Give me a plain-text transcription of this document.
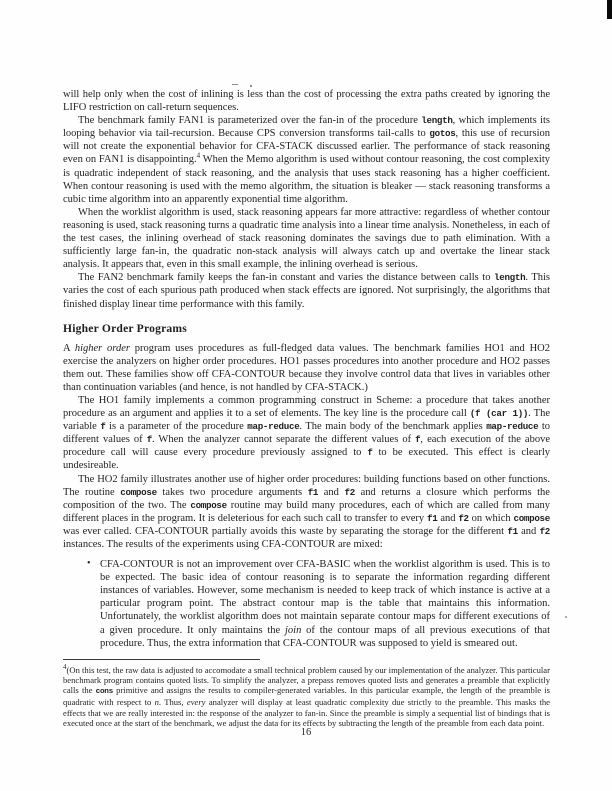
will help only when the cost of inlining is less than the cost of processing the extra paths created by ignoring the LIFO restriction on call-return sequences.

The benchmark family FAN1 is parameterized over the fan-in of the procedure length, which implements its looping behavior via tail-recursion. Because CPS conversion transforms tail-calls to gotos, this use of recursion will not create the exponential behavior for CFA-STACK discussed earlier. The performance of stack reasoning even on FAN1 is disappointing.$^4$ When the Memo algorithm is used without contour reasoning, the cost complexity is quadratic independent of stack reasoning, and the analysis that uses stack reasoning has a higher coefficient. When contour reasoning is used with the memo algorithm, the situation is bleaker — stack reasoning transforms a cubic time algorithm into an apparently exponential time algorithm.

When the worklist algorithm is used, stack reasoning appears far more attractive: regardless of whether contour reasoning is used, stack reasoning turns a quadratic time analysis into a linear time analysis. Nonetheless, in each of the test cases, the inlining overhead of stack reasoning dominates the savings due to path elimination. With a sufficiently large fan-in, the quadratic non-stack analysis will always catch up and overtake the linear stack analysis. It appears that, even in this small example, the inlining overhead is serious.

The FAN2 benchmark family keeps the fan-in constant and varies the distance between calls to length. This varies the cost of each spurious path produced when stack effects are ignored. Not surprisingly, the algorithms that finished display linear time performance with this family.

Higher Order Programs

A higher order program uses procedures as full-fledged data values. The benchmark families HO1 and HO2 exercise the analyzers on higher order procedures. HO1 passes procedures into another procedure and HO2 passes them out. These families show off CFA-CONTOUR because they involve control data that lives in variables other than continuation variables (and hence, is not handled by CFA-STACK.)

The HO1 family implements a common programming construct in Scheme: a procedure that takes another procedure as an argument and applies it to a set of elements. The key line is the procedure call (f (car 1)). The variable f is a parameter of the procedure map-reduce. The main body of the benchmark applies map-reduce to different values of f. When the analyzer cannot separate the different values of f, each execution of the above procedure call will cause every procedure previously assigned to f to be executed. This effect is clearly undesireable.

The HO2 family illustrates another use of higher order procedures: building functions based on other functions. The routine compose takes two procedure arguments f1 and f2 and returns a closure which performs the composition of the two. The compose routine may build many procedures, each of which are called from many different places in the program. It is deleterious for each such call to transfer to every f1 and f2 on which compose was ever called. CFA-CONTOUR partially avoids this waste by separating the storage for the different f1 and f2 instances. The results of the experiments using CFA-CONTOUR are mixed:

• CFA-CONTOUR is not an improvement over CFA-BASIC when the worklist algorithm is used. This is to be expected. The basic idea of contour reasoning is to separate the information regarding different instances of variables. However, some mechanism is needed to keep track of which instance is active at a particular program point. The abstract contour map is the table that maintains this information. Unfortunately, the worklist algorithm does not maintain separate contour maps for different executions of a given procedure. It only maintains the join of the contour maps of all previous executions of that procedure. Thus, the extra information that CFA-CONTOUR was supposed to yield is smeared out.

$^4$(On this test, the raw data is adjusted to accomodate a small technical problem caused by our implementation of the analyzer. This particular benchmark program contains quoted lists. To simplify the analyzer, a prepass removes quoted lists and generates a preamble that explicitly calls the cons primitive and assigns the results to compiler-generated variables. In this particular example, the length of the preamble is quadratic with respect to n. Thus, every analyzer will display at least quadratic complexity due strictly to the preamble. This masks the effects that we are really interested in: the response of the analyzer to fan-in. Since the preamble is simply a sequential list of bindings that is executed once at the start of the benchmark, we adjust the data for its effects by subtracting the length of the preamble from each data point.

16
